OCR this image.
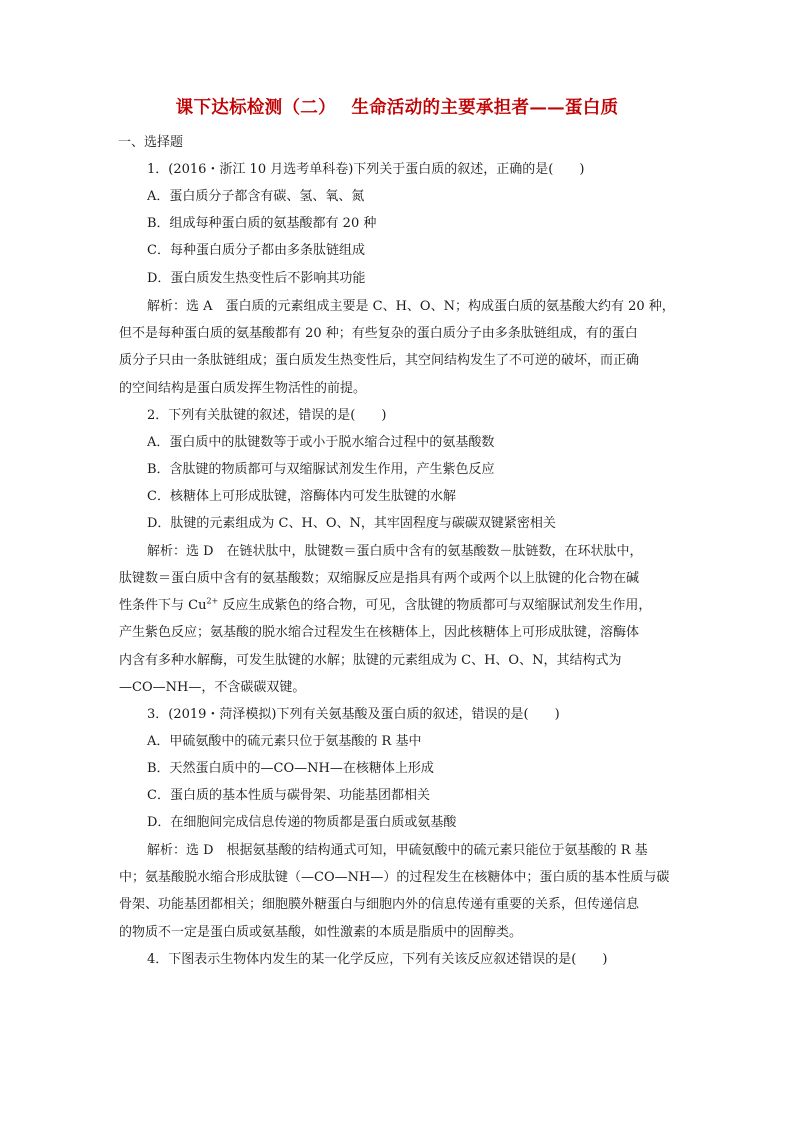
课下达标检测（二）　 生命活动的主要承担者——蛋白质
一、选择题
1．(2016・浙江 10 月选考单科卷)下列关于蛋白质的叙述，正确的是(　　)
A．蛋白质分子都含有碳、氢、氧、氮
B．组成每种蛋白质的氨基酸都有 20 种
C．每种蛋白质分子都由多条肽链组成
D．蛋白质发生热变性后不影响其功能
解析：选 A　蛋白质的元素组成主要是 C、H、O、N；构成蛋白质的氨基酸大约有 20 种，
但不是每种蛋白质的氨基酸都有 20 种；有些复杂的蛋白质分子由多条肽链组成，有的蛋白
质分子只由一条肽链组成；蛋白质发生热变性后，其空间结构发生了不可逆的破坏，而正确
的空间结构是蛋白质发挥生物活性的前提。
2．下列有关肽键的叙述，错误的是(　　)
A．蛋白质中的肽键数等于或小于脱水缩合过程中的氨基酸数
B．含肽键的物质都可与双缩脲试剂发生作用，产生紫色反应
C．核糖体上可形成肽键，溶酶体内可发生肽键的水解
D．肽键的元素组成为 C、H、O、N，其牢固程度与碳碳双键紧密相关
解析：选 D　在链状肽中，肽键数＝蛋白质中含有的氨基酸数－肽链数，在环状肽中，
肽键数＝蛋白质中含有的氨基酸数；双缩脲反应是指具有两个或两个以上肽键的化合物在碱
性条件下与 $Cu^{2+}$ 反应生成紫色的络合物，可见，含肽键的物质都可与双缩脲试剂发生作用，
产生紫色反应；氨基酸的脱水缩合过程发生在核糖体上，因此核糖体上可形成肽键，溶酶体
内含有多种水解酶，可发生肽键的水解；肽键的元素组成为 C、H、O、N，其结构式为
—CO—NH—，不含碳碳双键。
3．(2019・菏泽模拟)下列有关氨基酸及蛋白质的叙述，错误的是(　　)
A．甲硫氨酸中的硫元素只位于氨基酸的 R 基中
B．天然蛋白质中的—CO—NH—在核糖体上形成
C．蛋白质的基本性质与碳骨架、功能基团都相关
D．在细胞间完成信息传递的物质都是蛋白质或氨基酸
解析：选 D　根据氨基酸的结构通式可知，甲硫氨酸中的硫元素只能位于氨基酸的 R 基
中；氨基酸脱水缩合形成肽键（—CO—NH—）的过程发生在核糖体中；蛋白质的基本性质与碳
骨架、功能基团都相关；细胞膜外糖蛋白与细胞内外的信息传递有重要的关系，但传递信息
的物质不一定是蛋白质或氨基酸，如性激素的本质是脂质中的固醇类。
4．下图表示生物体内发生的某一化学反应，下列有关该反应叙述错误的是(　　)
